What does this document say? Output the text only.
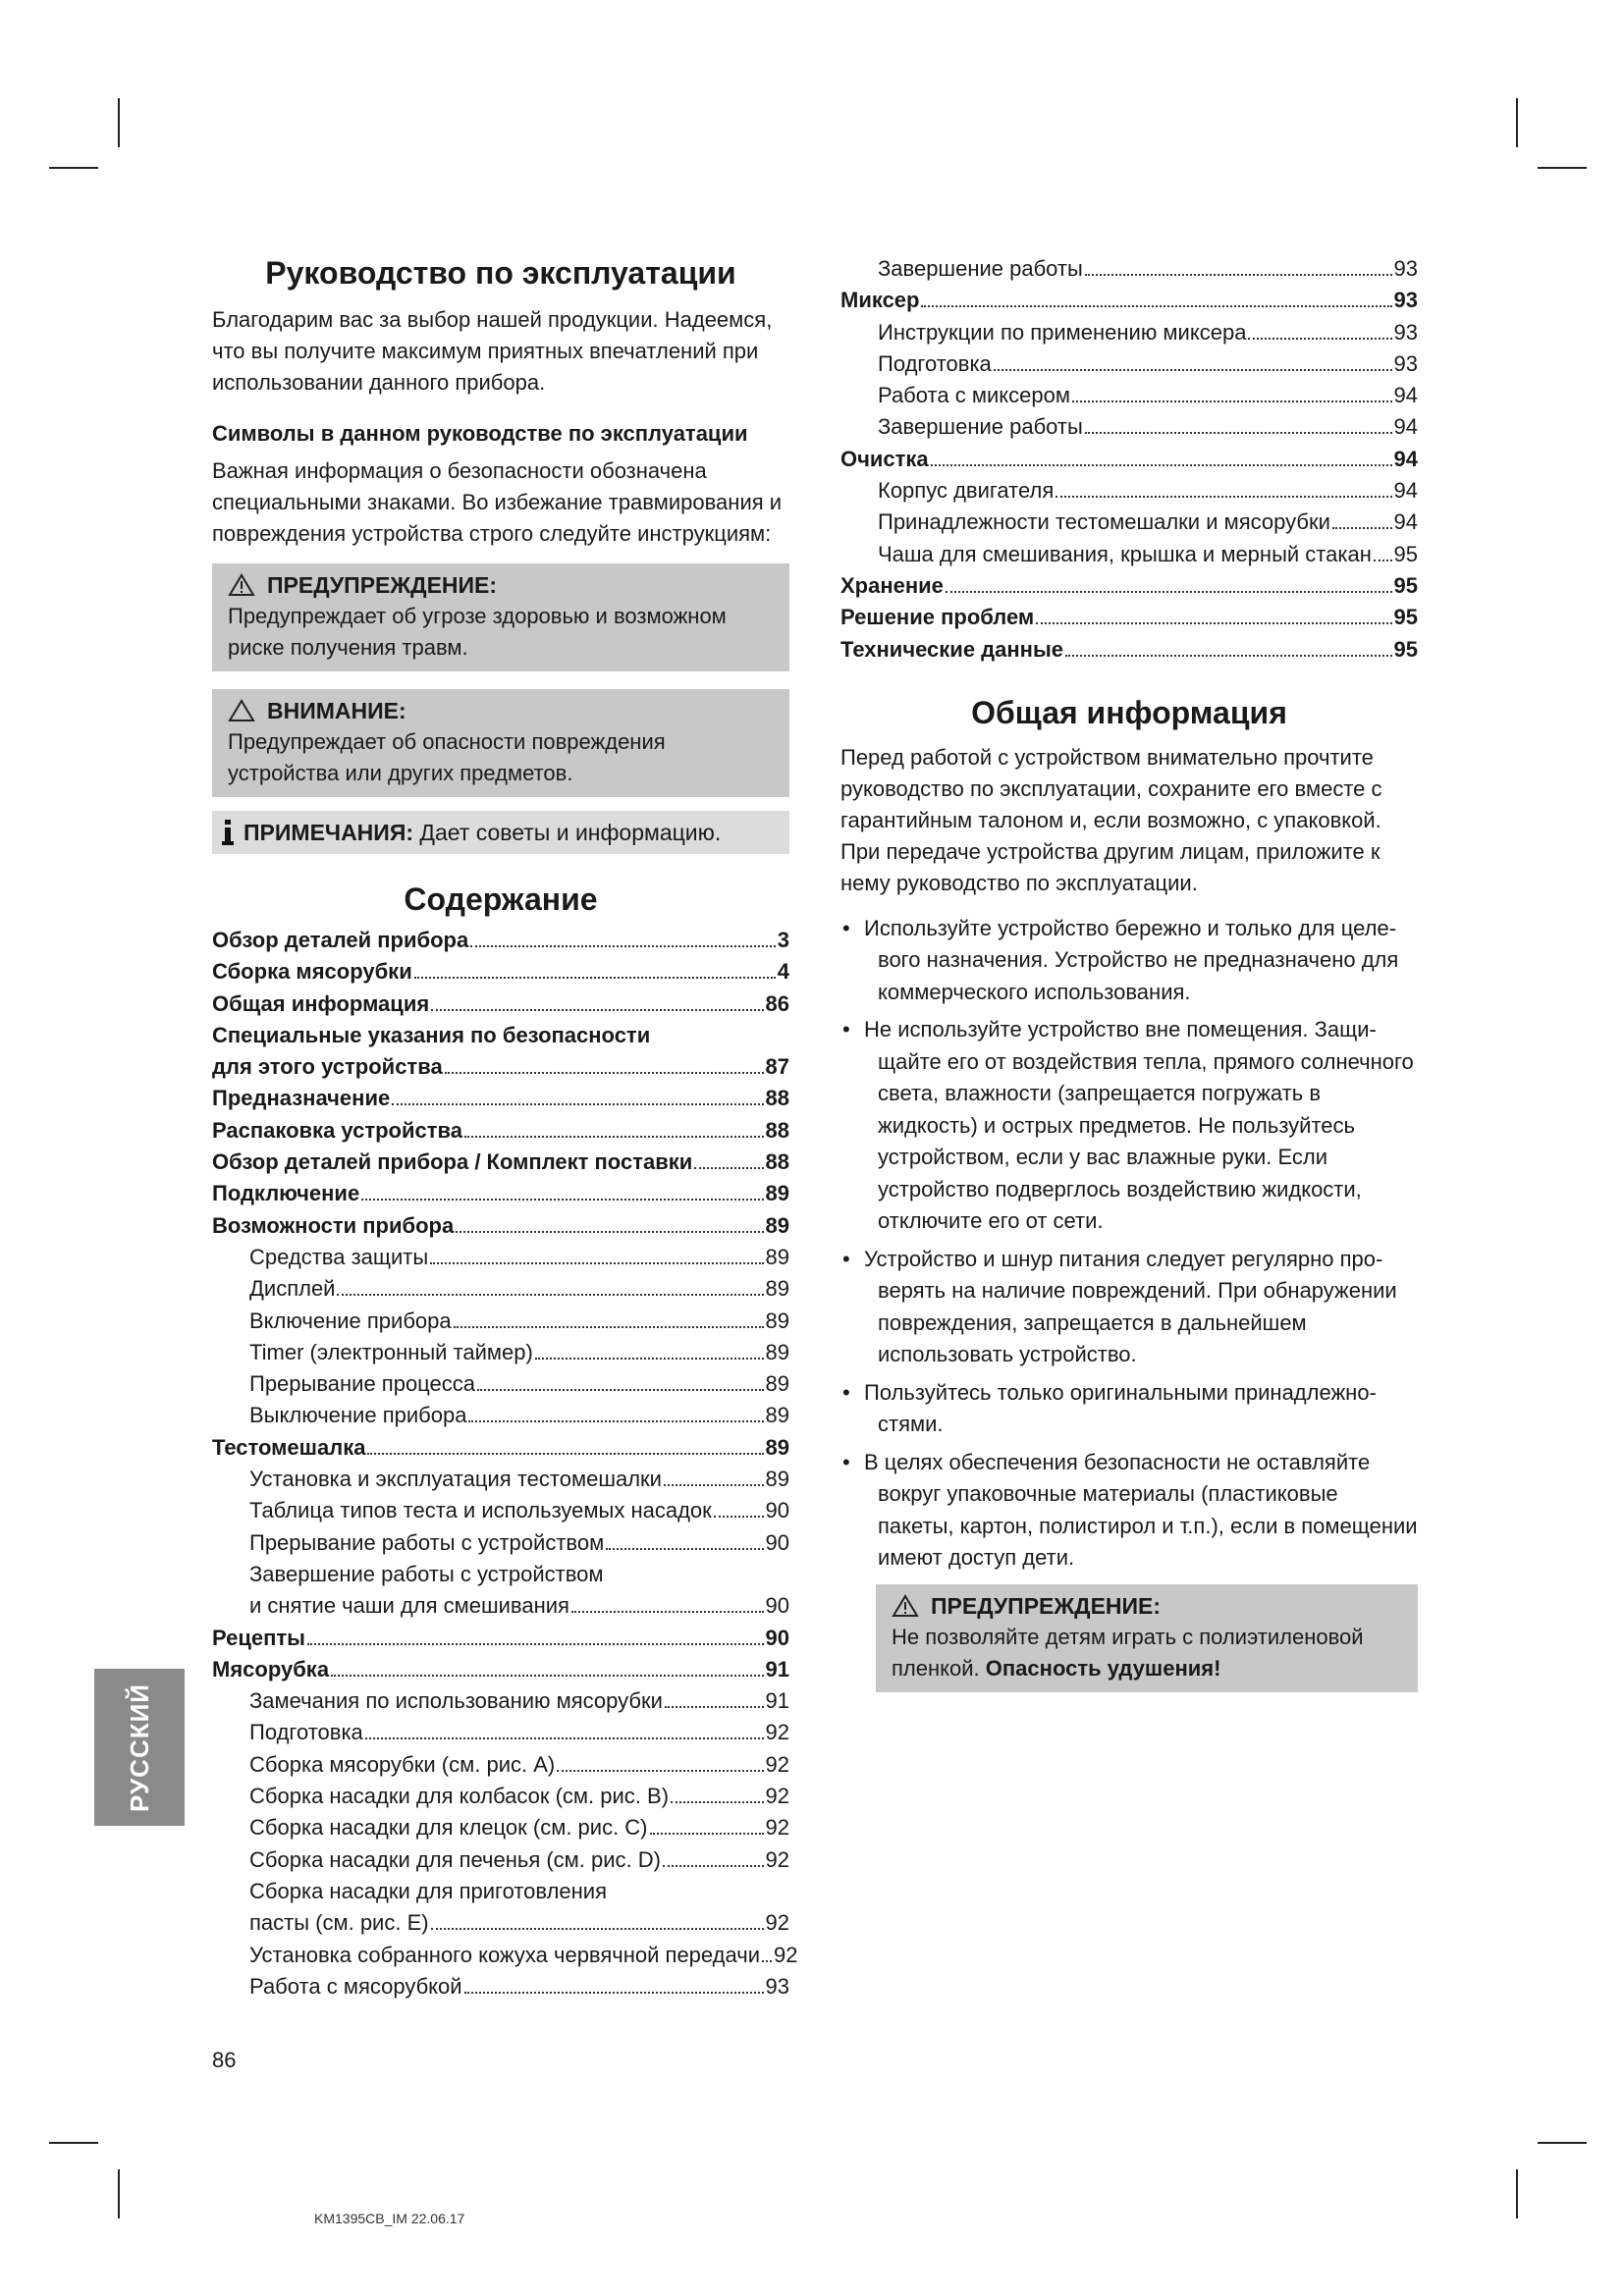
Руководство по эксплуатации

Благодарим вас за выбор нашей продукции. Надеемся, что вы получите максимум приятных впечатлений при использовании данного прибора.

Символы в данном руководстве по эксплуатации

Важная информация о безопасности обозначена специальными знаками. Во избежание травмирования и повреждения устройства строго следуйте инструкциям:

ПРЕДУПРЕЖДЕНИЕ:
Предупреждает об угрозе здоровью и возможном риске получения травм.
ВНИМАНИЕ:
Предупреждает об опасности повреждения устройства или других предметов.
ПРИМЕЧАНИЯ: Дает советы и информацию.
Содержание
Обзор деталей прибора	3
Сборка мясорубки	4
Общая информация	86
Специальные указания по безопасности
для этого устройства	87
Предназначение	88
Распаковка устройства	88
Обзор деталей прибора / Комплект поставки	88
Подключение	89
Возможности прибора	89
Средства защиты	89
Дисплей	89
Включение прибора	89
Timer (электронный таймер)	89
Прерывание процесса	89
Выключение прибора	89
Тестомешалка	89
Установка и эксплуатация тестомешалки	89
Таблица типов теста и используемых насадок 90
Прерывание работы с устройством	90
Завершение работы с устройством
и снятие чаши для смешивания	90
Рецепты	90
Мясорубка	91
Замечания по использованию мясорубки	91
Подготовка	92
Сборка мясорубки (см. рис. A)	92
Сборка насадки для колбасок (см. рис. B)	92
Сборка насадки для клецок (см. рис. C)	92
Сборка насадки для печенья (см. рис. D)	92
Сборка насадки для приготовления
пасты (см. рис. E)	92
Установка собранного кожуха червячной передачи 92
Работа с мясорубкой	93
Завершение работы	93
Миксер	93
Инструкции по применению миксера	93
Подготовка	93
Работа с миксером	94
Завершение работы	94
Очистка	94
Корпус двигателя	94
Принадлежности тестомешалки и мясорубки	94
Чаша для смешивания, крышка и мерный стакан 95
Хранение	95
Решение проблем	95
Технические данные	95
Общая информация

Перед работой с устройством внимательно прочтите руководство по эксплуатации, сохраните его вместе с гарантийным талоном и, если возможно, с упаковкой. При передаче устройства другим лицам, приложите к нему руководство по эксплуатации.

• Используйте устройство бережно и только для целе-
вого назначения. Устройство не предназначено для коммерческого использования.
• Не используйте устройство вне помещения. Защи-
щайте его от воздействия тепла, прямого солнечного света, влажности (запрещается погружать в жидкость) и острых предметов. Не пользуйтесь устройством, если у вас влажные руки. Если устройство подверглось воздействию жидкости, отключите его от сети.
• Устройство и шнур питания следует регулярно про-
верять на наличие повреждений. При обнаружении повреждения, запрещается в дальнейшем использовать устройство.
• Пользуйтесь только оригинальными принадлежно-
стями.
• В целях обеспечения безопасности не оставляйте
вокруг упаковочные материалы (пластиковые пакеты, картон, полистирол и т.п.), если в помещении имеют доступ дети.
ПРЕДУПРЕЖДЕНИЕ:
Не позволяйте детям играть с полиэтиленовой пленкой. Опасность удушения!
РУССКИЙ
86
KM1395CB_IM 22.06.17
